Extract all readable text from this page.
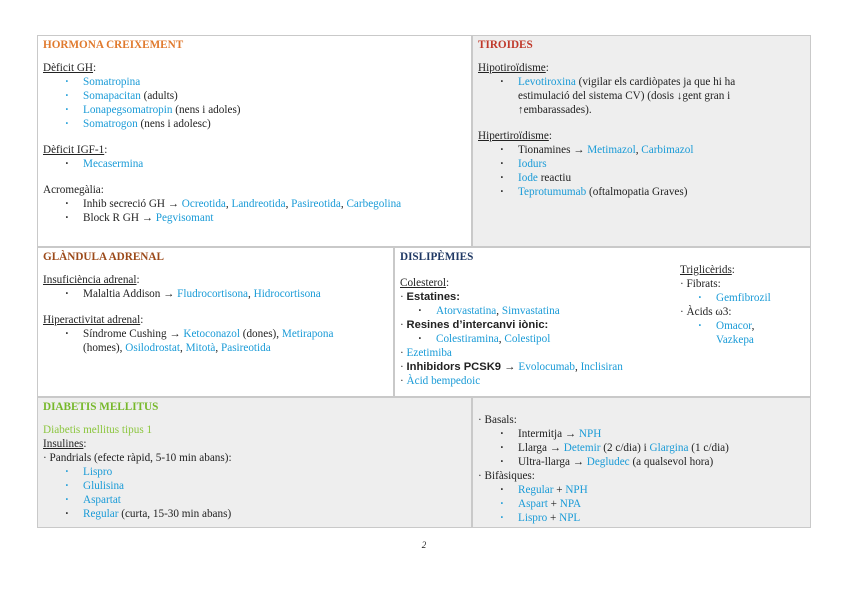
HORMONA CREIXEMENT
Dèficit GH:
· Somatropina
· Somapacitan (adults)
· Lonapegsomatropin (nens i adoles)
· Somatrogon (nens i adolesc)
Dèficit IGF-1:
· Mecasermina
Acromegàlia:
· Inhib secreció GH → Ocreotida, Landreotida, Pasireotida, Carbegolina
· Block R GH → Pegvisomant
TIROIDES
Hipotiroïdisme:
· Levotiroxina (vigilar els cardiòpates ja que hi ha
estimulació del sistema CV) (dosis ↓gent gran i
↑embarassades).
Hipertiroïdisme:
· Tionamines → Metimazol, Carbimazol
· Iodurs
· Iode reactiu
· Teprotumumab (oftalmopatia Graves)
GLÀNDULA ADRENAL
Insuficiència adrenal:
· Malaltia Addison → Fludrocortisona, Hidrocortisona
Hiperactivitat adrenal:
· Síndrome Cushing → Ketoconazol (dones), Metirapona
(homes), Osilodrostat, Mitotà, Pasireotida
DISLIPÈMIES
Colesterol:
· Estatines:
· Atorvastatina, Simvastatina
· Resines d’intercanvi iònic:
· Colestiramina, Colestipol
· Ezetimiba
· Inhibidors PCSK9 → Evolocumab, Inclisiran
· Àcid bempedoic
Triglicèrids:
· Fibrats:
· Gemfibrozil
· Àcids ω3:
· Omacor,
Vazkepa
DIABETIS MELLITUS
Diabetis mellitus tipus 1
Insulines:
· Pandrials (efecte ràpid, 5-10 min abans):
· Lispro
· Glulisina
· Aspartat
· Regular (curta, 15-30 min abans)
· Basals:
· Intermitja → NPH
· Llarga → Detemir (2 c/dia) i Glargina (1 c/dia)
· Ultra-llarga → Degludec (a qualsevol hora)
· Bifàsiques:
· Regular + NPH
· Aspart + NPA
· Lispro + NPL
2
